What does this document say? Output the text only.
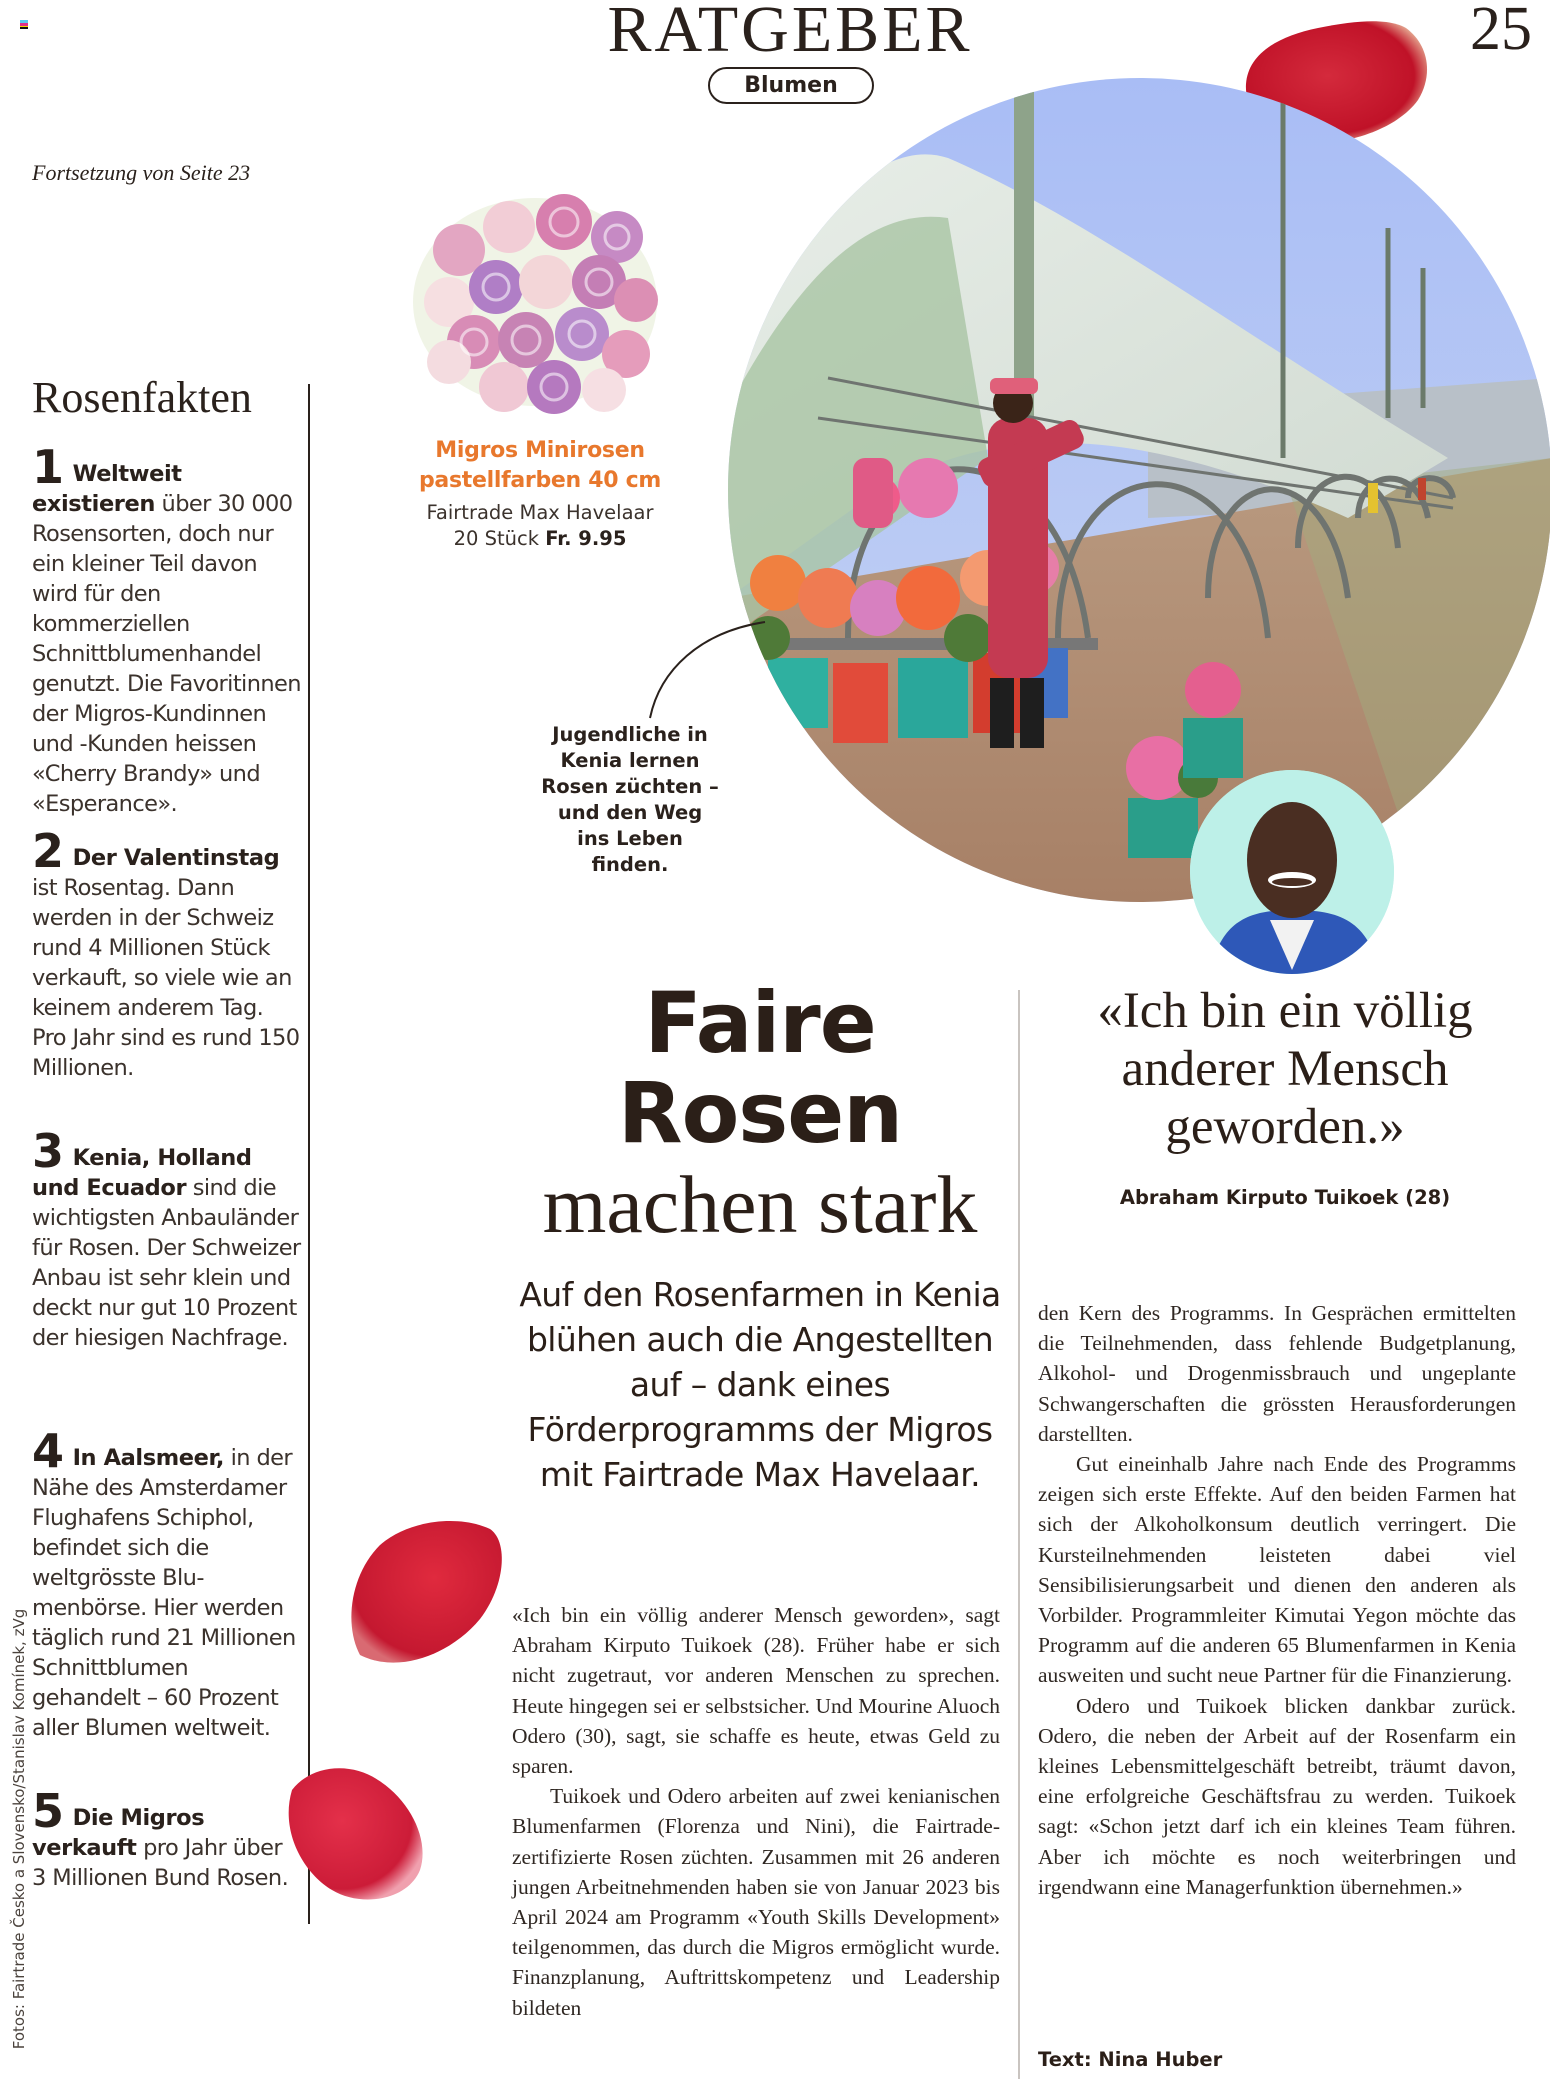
RATGEBER
Blumen
25
Fortsetzung von Seite 23
Rosenfakten
1 Weltweit existieren über 30 000 Rosensorten, doch nur ein kleiner Teil davon wird für den kommerziellen Schnittblumenhandel genutzt. Die Favoritinnen der Migros-Kundinnen und -Kunden heissen «Cherry Brandy» und «Esperance».
2 Der Valentinstag ist Rosentag. Dann werden in der Schweiz rund 4 Millionen Stück verkauft, so viele wie an keinem anderem Tag. Pro Jahr sind es rund 150 Millionen.
3 Kenia, Holland und Ecuador sind die wichtigsten Anbauländer für Rosen. Der Schweizer Anbau ist sehr klein und deckt nur gut 10 Prozent der hiesigen Nachfrage.
4 In Aalsmeer, in der Nähe des Amsterdamer Flughafens Schiphol, befindet sich die weltgrösste Blumenbörse. Hier werden täglich rund 21 Millionen Schnittblumen gehandelt – 60 Prozent aller Blumen weltweit.
5 Die Migros verkauft pro Jahr über 3 Millionen Bund Rosen.
Fotos: Fairtrade Česko a Slovensko/Stanislav Komínek, zVg
Migros Minirosen
pastellfarben 40 cm
Fairtrade Max Havelaar
20 Stück Fr. 9.95
Jugendliche in Kenia lernen Rosen züchten – und den Weg ins Leben finden.
Faire
Rosen
machen stark
Auf den Rosenfarmen in Kenia blühen auch die Angestellten auf – dank eines Förderprogramms der Migros mit Fairtrade Max Havelaar.
«Ich bin ein völlig anderer Mensch geworden.»
Abraham Kirputo Tuikoek (28)

«Ich bin ein völlig anderer Mensch geworden», sagt Abraham Kirputo Tuikoek (28). Früher habe er sich nicht zugetraut, vor anderen Menschen zu sprechen. Heute hingegen sei er selbstsicher. Und Mourine Aluoch Odero (30), sagt, sie schaffe es heute, etwas Geld zu sparen.

Tuikoek und Odero arbeiten auf zwei kenianischen Blumenfarmen (Florenza und Nini), die Fairtrade-zertifizierte Rosen züchten. Zusammen mit 26 anderen jungen Arbeitnehmenden haben sie von Januar 2023 bis April 2024 am Programm «Youth Skills Development» teilgenommen, das durch die Migros ermöglicht wurde. Finanzplanung, Auftrittskompetenz und Leadership bildeten

den Kern des Programms. In Gesprächen ermittelten die Teilnehmenden, dass fehlende Budgetplanung, Alkohol- und Drogenmissbrauch und ungeplante Schwangerschaften die grössten Herausforderungen darstellten.

Gut eineinhalb Jahre nach Ende des Programms zeigen sich erste Effekte. Auf den beiden Farmen hat sich der Alkoholkonsum deutlich verringert. Die Kursteilnehmenden leisteten dabei viel Sensibilisierungsarbeit und dienen den anderen als Vorbilder. Programmleiter Kimutai Yegon möchte das Programm auf die anderen 65 Blumenfarmen in Kenia ausweiten und sucht neue Partner für die Finanzierung.

Odero und Tuikoek blicken dankbar zurück. Odero, die neben der Arbeit auf der Rosenfarm ein kleines Lebensmittelgeschäft betreibt, träumt davon, eine erfolgreiche Geschäftsfrau zu werden. Tuikoek sagt: «Schon jetzt darf ich ein kleines Team führen. Aber ich möchte es noch weiterbringen und irgendwann eine Managerfunktion übernehmen.»

Text: Nina Huber
